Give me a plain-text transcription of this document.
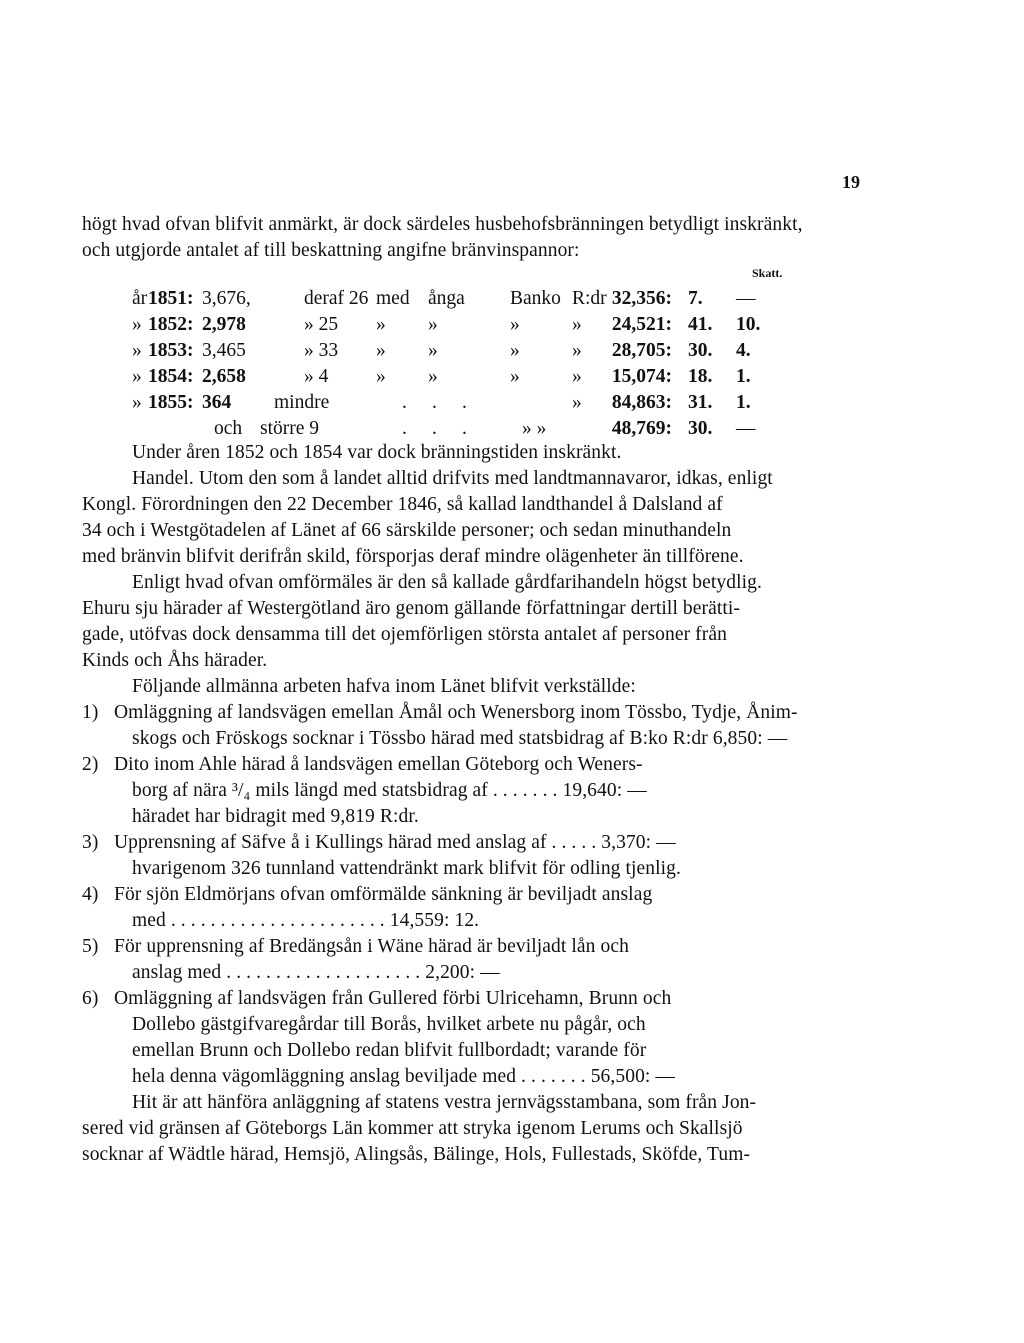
19
högt hvad ofvan blifvit anmärkt, är dock särdeles husbehofsbränningen betydligt inskränkt,
och utgjorde antalet af till beskattning angifne bränvinspannor:
Skatt.
år 1851: 3,676,	deraf 26 med ånga Banko R:dr 32,356: 7. —
» 1852: 2,978	» 25 » »	»	»	24,521: 41. 10.
» 1853: 3,465	» 33 » »	»	»	28,705: 30. 4.
» 1854: 2,658	» 4 » »	»	»	15,074: 18. 1.
» 1855: 364 mindre	. . .	»	84,863: 31. 1.
och större 9	. . .	» »	48,769: 30. —
Under åren 1852 och 1854 var dock bränningstiden inskränkt.
Handel. Utom den som å landet alltid drifvits med landtmannavaror, idkas, enligt
Kongl. Förordningen den 22 December 1846, så kallad landthandel å Dalsland af
34 och i Westgötadelen af Länet af 66 särskilde personer; och sedan minuthandeln
med bränvin blifvit derifrån skild, försporjas deraf mindre olägenheter än tillförene.
Enligt hvad ofvan omförmäles är den så kallade gårdfarihandeln högst betydlig.
Ehuru sju härader af Westergötland äro genom gällande författningar dertill berätti-
gade, utöfvas dock densamma till det ojemförligen största antalet af personer från
Kinds och Åhs härader.
Följande allmänna arbeten hafva inom Länet blifvit verkställde:
1) Omläggning af landsvägen emellan Åmål och Wenersborg inom Tössbo, Tydje, Ånim-
skogs och Fröskogs socknar i Tössbo härad med statsbidrag af B:ko R:dr 6,850: —
2) Dito inom Ahle härad å landsvägen emellan Göteborg och Weners-
borg af nära ³/₄ mils längd med statsbidrag af . . . . . . . 19,640: —
häradet har bidragit med 9,819 R:dr.
3) Upprensning af Säfve å i Kullings härad med anslag af . . . . . 3,370: —
hvarigenom 326 tunnland vattendränkt mark blifvit för odling tjenlig.
4) För sjön Eldmörjans ofvan omförmälde sänkning är beviljadt anslag
med . . . . . . . . . . . . . . . . . . . . . . 14,559: 12.
5) För upprensning af Bredängsån i Wäne härad är beviljadt lån och
anslag med . . . . . . . . . . . . . . . . . . . . 2,200: —
6) Omläggning af landsvägen från Gullered förbi Ulricehamn, Brunn och
Dollebo gästgifvaregårdar till Borås, hvilket arbete nu pågår, och
emellan Brunn och Dollebo redan blifvit fullbordadt; varande för
hela denna vägomläggning anslag beviljade med . . . . . . . 56,500: —
Hit är att hänföra anläggning af statens vestra jernvägsstambana, som från Jon-
sered vid gränsen af Göteborgs Län kommer att stryka igenom Lerums och Skallsjö
socknar af Wädtle härad, Hemsjö, Alingsås, Bälinge, Hols, Fullestads, Sköfde, Tum-
